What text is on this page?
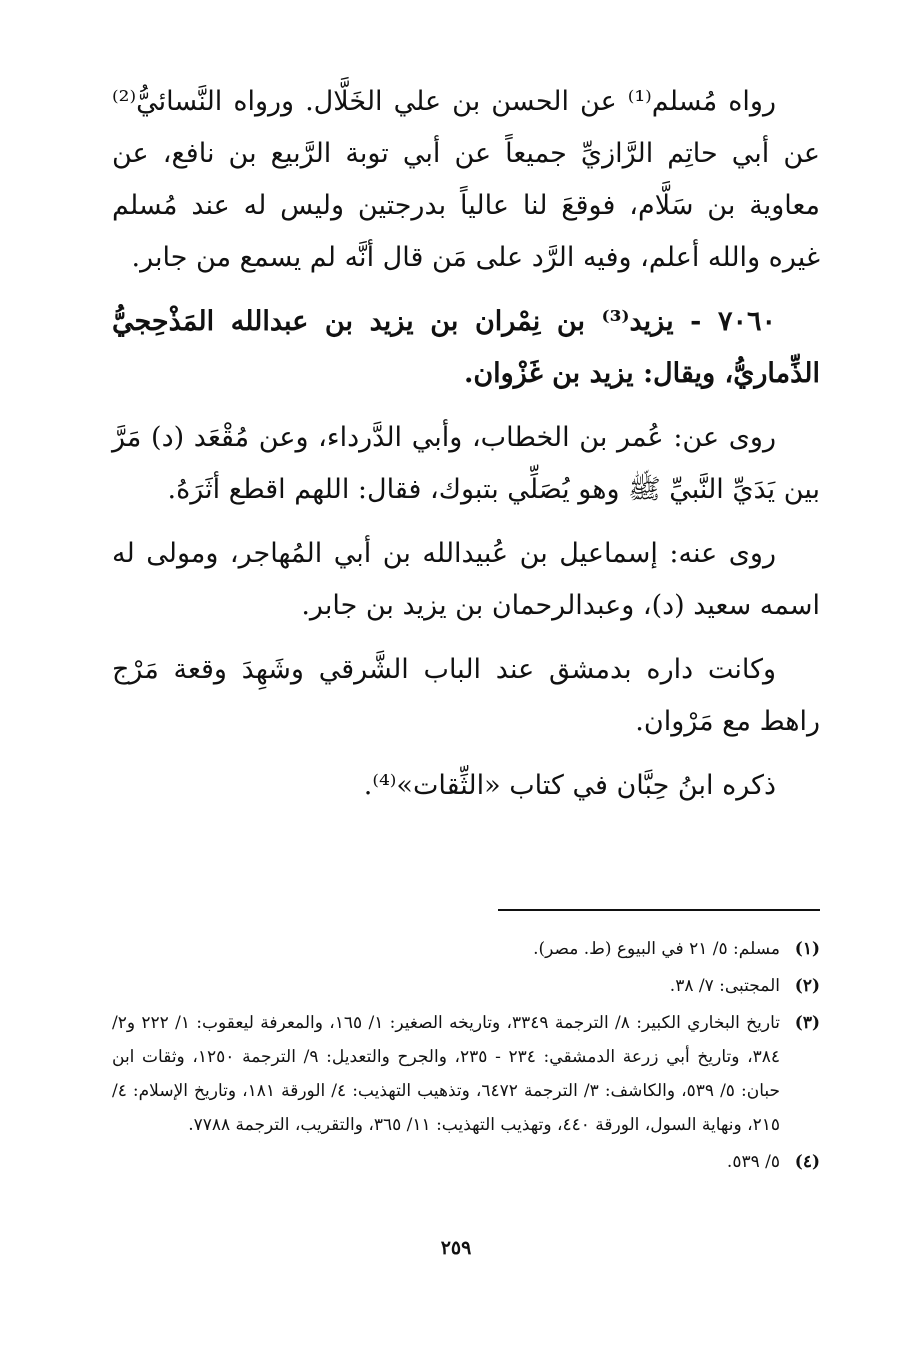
رواه مُسلم⁽¹⁾ عن الحسن بن علي الخَلَّال. ورواه النَّسائيُّ⁽²⁾ عن أبي حاتِم الرَّازيِّ جميعاً عن أبي توبة الرَّبيع بن نافع، عن معاوية بن سَلَّام، فوقعَ لنا عالياً بدرجتين وليس له عند مُسلم غيره والله أعلم، وفيه الرَّد على مَن قال أنَّه لم يسمع من جابر.

٧٠٦٠ - يزيد⁽³⁾ بن نِمْران بن يزيد بن عبدالله المَذْحِجيُّ الذِّماريُّ، ويقال: يزيد بن غَزْوان.

روى عن: عُمر بن الخطاب، وأبي الدَّرداء، وعن مُقْعَد (د) مَرَّ بين يَدَيِّ النَّبيِّ ﷺ وهو يُصَلِّي بتبوك، فقال: اللهم اقطع أثَرَهُ.

روى عنه: إسماعيل بن عُبيدالله بن أبي المُهاجر، ومولى له اسمه سعيد (د)، وعبدالرحمان بن يزيد بن جابر.

وكانت داره بدمشق عند الباب الشَّرقي وشَهِدَ وقعة مَرْج راهط مع مَرْوان.

ذكره ابنُ حِبَّان في كتاب «الثِّقات»⁽⁴⁾.

(١)
مسلم: ٥/ ٢١ في البيوع (ط. مصر).
(٢)
المجتبى: ٧/ ٣٨.
(٣)
تاريخ البخاري الكبير: ٨/ الترجمة ٣٣٤٩، وتاريخه الصغير: ١/ ١٦٥، والمعرفة ليعقوب: ١/ ٢٢٢ و٢/ ٣٨٤، وتاريخ أبي زرعة الدمشقي: ٢٣٤ - ٢٣٥، والجرح والتعديل: ٩/ الترجمة ١٢٥٠، وثقات ابن حبان: ٥/ ٥٣٩، والكاشف: ٣/ الترجمة ٦٤٧٢، وتذهيب التهذيب: ٤/ الورقة ١٨١، وتاريخ الإسلام: ٤/ ٢١٥، ونهاية السول، الورقة ٤٤٠، وتهذيب التهذيب: ١١/ ٣٦٥، والتقريب، الترجمة ٧٧٨٨.
(٤)
٥/ ٥٣٩.
٢٥٩
